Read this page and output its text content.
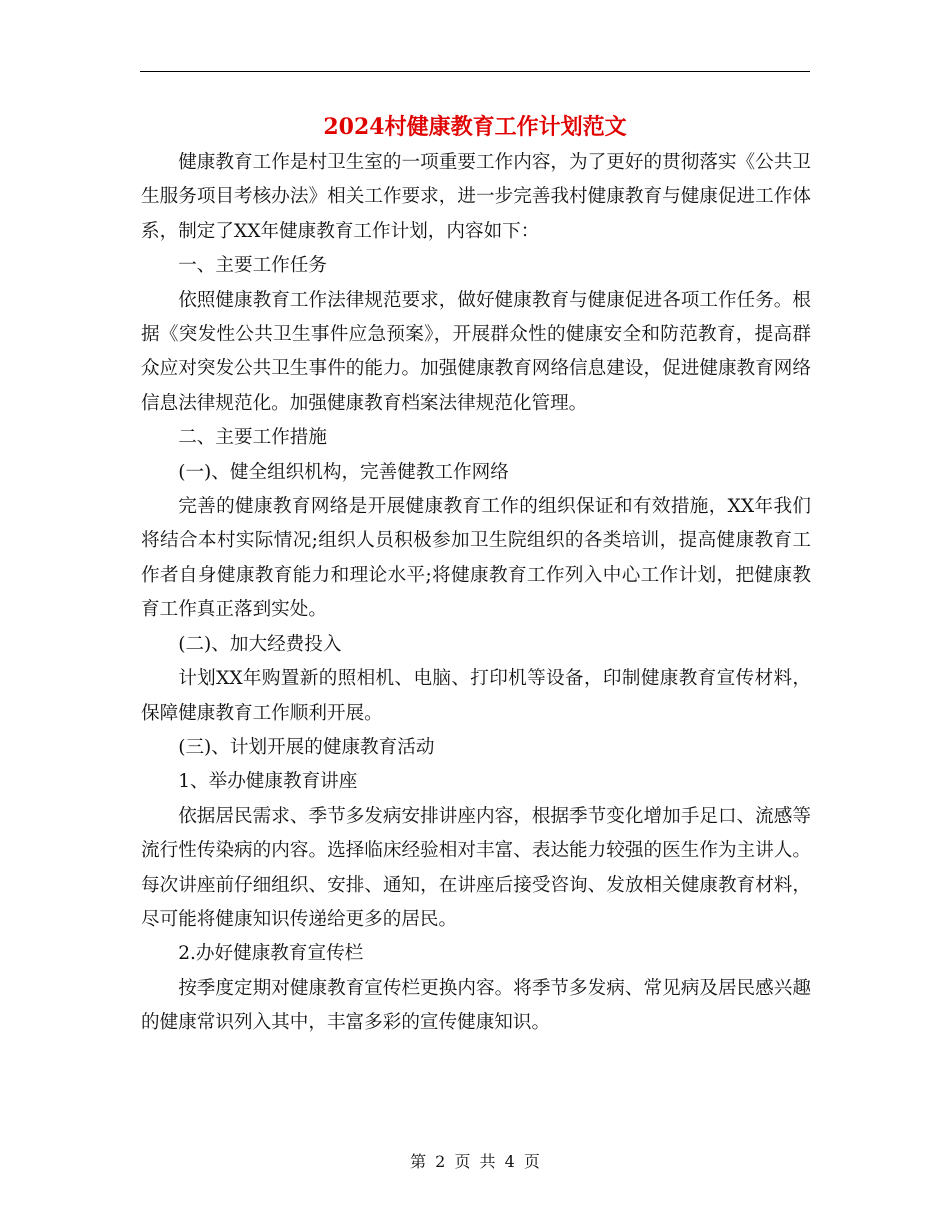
2024村健康教育工作计划范文

健康教育工作是村卫生室的一项重要工作内容，为了更好的贯彻落实《公共卫生服务项目考核办法》相关工作要求，进一步完善我村健康教育与健康促进工作体系，制定了XX年健康教育工作计划，内容如下：

一、主要工作任务

依照健康教育工作法律规范要求，做好健康教育与健康促进各项工作任务。根据《突发性公共卫生事件应急预案》，开展群众性的健康安全和防范教育，提高群众应对突发公共卫生事件的能力。加强健康教育网络信息建设，促进健康教育网络信息法律规范化。加强健康教育档案法律规范化管理。

二、主要工作措施

(一)、健全组织机构，完善健教工作网络

完善的健康教育网络是开展健康教育工作的组织保证和有效措施，XX年我们将结合本村实际情况;组织人员积极参加卫生院组织的各类培训，提高健康教育工作者自身健康教育能力和理论水平;将健康教育工作列入中心工作计划，把健康教育工作真正落到实处。

(二)、加大经费投入

计划XX年购置新的照相机、电脑、打印机等设备，印制健康教育宣传材料，保障健康教育工作顺利开展。

(三)、计划开展的健康教育活动

1、举办健康教育讲座

依据居民需求、季节多发病安排讲座内容，根据季节变化增加手足口、流感等流行性传染病的内容。选择临床经验相对丰富、表达能力较强的医生作为主讲人。每次讲座前仔细组织、安排、通知，在讲座后接受咨询、发放相关健康教育材料，尽可能将健康知识传递给更多的居民。

2.办好健康教育宣传栏

按季度定期对健康教育宣传栏更换内容。将季节多发病、常见病及居民感兴趣的健康常识列入其中，丰富多彩的宣传健康知识。

第 2 页 共 4 页
